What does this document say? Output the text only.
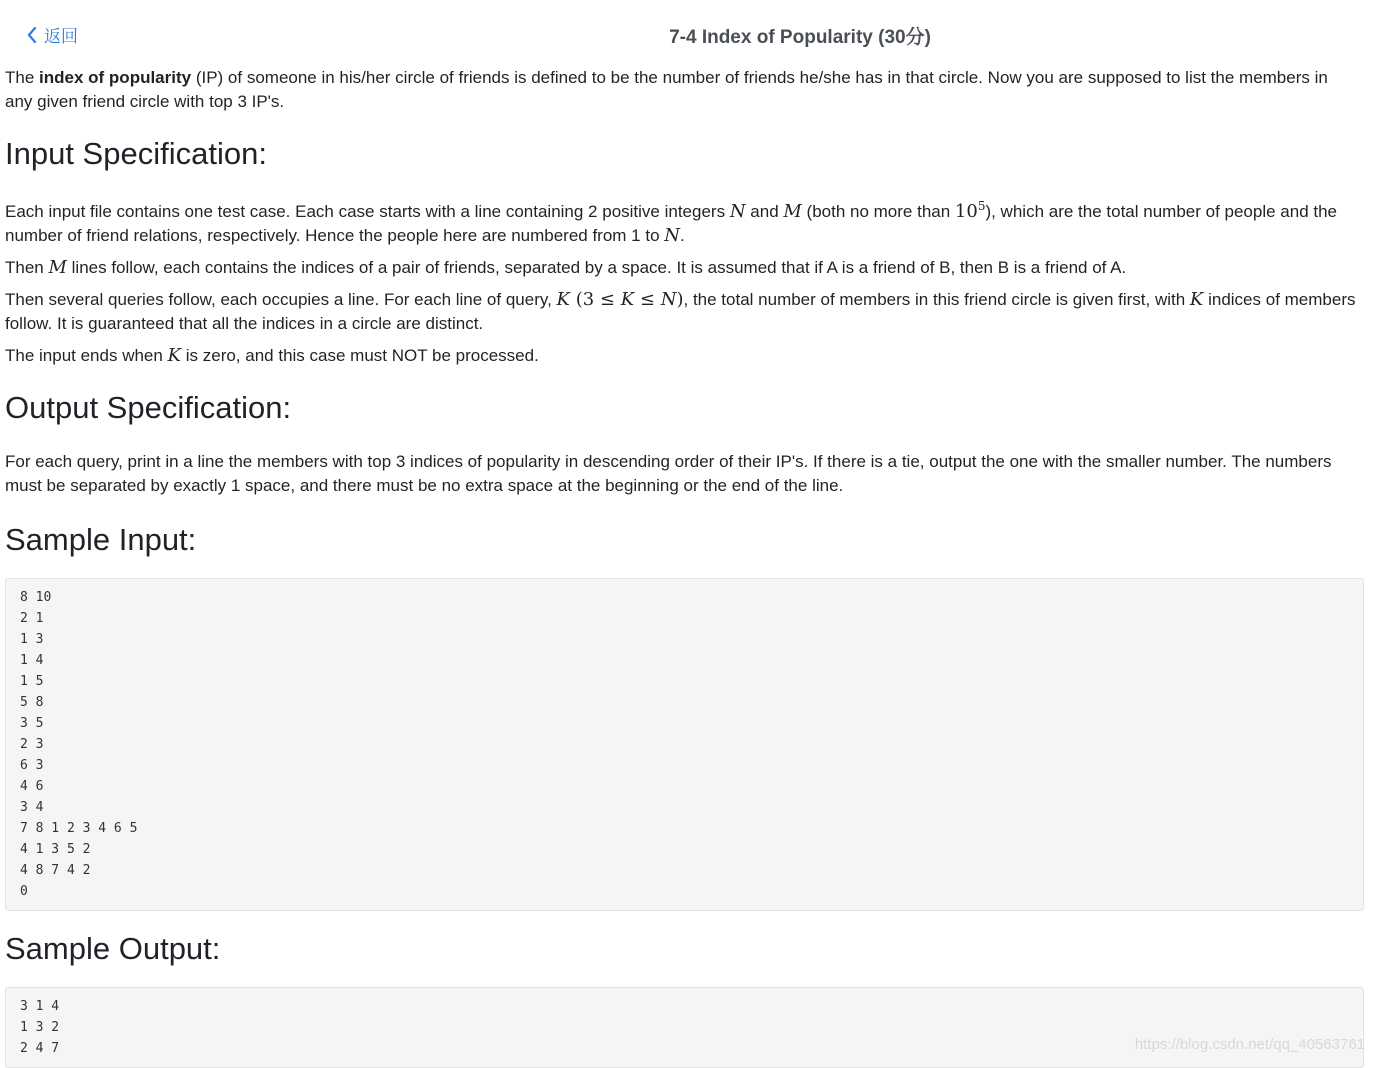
返回	7-4 Index of Popularity (30分)

The index of popularity (IP) of someone in his/her circle of friends is defined to be the number of friends he/she has in that circle. Now you are supposed to list the members in
any given friend circle with top 3 IP's.

Input Specification:

Each input file contains one test case. Each case starts with a line containing 2 positive integers N and M (both no more than $10^5$), which are the total number of people and the
number of friend relations, respectively. Hence the people here are numbered from 1 to N.

Then M lines follow, each contains the indices of a pair of friends, separated by a space. It is assumed that if A is a friend of B, then B is a friend of A.

Then several queries follow, each occupies a line. For each line of query, K (3 ≤ K ≤ N), the total number of members in this friend circle is given first, with K indices of members
follow. It is guaranteed that all the indices in a circle are distinct.

The input ends when K is zero, and this case must NOT be processed.

Output Specification:

For each query, print in a line the members with top 3 indices of popularity in descending order of their IP's. If there is a tie, output the one with the smaller number. The numbers
must be separated by exactly 1 space, and there must be no extra space at the beginning or the end of the line.

Sample Input:
8 10
2 1
1 3
1 4
1 5
5 8
3 5
2 3
6 3
4 6
3 4
7 8 1 2 3 4 6 5
4 1 3 5 2
4 8 7 4 2
0
Sample Output:
3 1 4
1 3 2
2 4 7	https://blog.csdn.net/qq_40563761
